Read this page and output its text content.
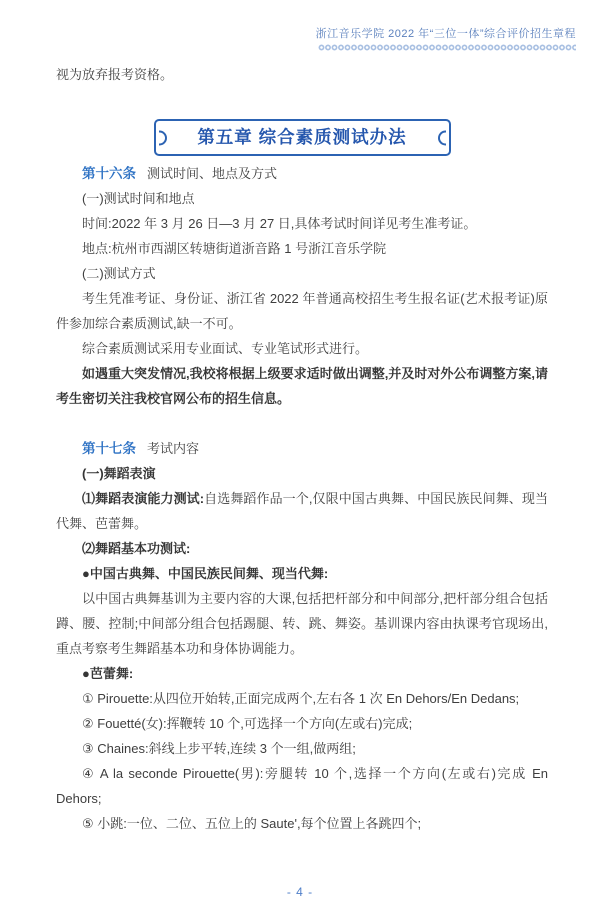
浙江音乐学院 2022 年“三位一体”综合评价招生章程

视为放弃报考资格。

第五章 综合素质测试办法

第十六条 测试时间、地点及方式

(一)测试时间和地点

时间:2022 年 3 月 26 日—3 月 27 日,具体考试时间详见考生准考证。

地点:杭州市西湖区转塘街道浙音路 1 号浙江音乐学院

(二)测试方式

考生凭准考证、身份证、浙江省 2022 年普通高校招生考生报名证(艺术报考证)原件参加综合素质测试,缺一不可。

综合素质测试采用专业面试、专业笔试形式进行。

如遇重大突发情况,我校将根据上级要求适时做出调整,并及时对外公布调整方案,请考生密切关注我校官网公布的招生信息。

第十七条 考试内容

(一)舞蹈表演

⑴舞蹈表演能力测试:自选舞蹈作品一个,仅限中国古典舞、中国民族民间舞、现当代舞、芭蕾舞。

⑵舞蹈基本功测试:

●中国古典舞、中国民族民间舞、现当代舞:

以中国古典舞基训为主要内容的大课,包括把杆部分和中间部分,把杆部分组合包括蹲、腰、控制;中间部分组合包括踢腿、转、跳、舞姿。基训课内容由执课考官现场出,重点考察考生舞蹈基本功和身体协调能力。

●芭蕾舞:

① Pirouette:从四位开始转,正面完成两个,左右各 1 次 En Dehors/En Dedans;

② Fouetté(女):挥鞭转 10 个,可选择一个方向(左或右)完成;

③ Chaines:斜线上步平转,连续 3 个一组,做两组;

④ A la seconde Pirouette(男):旁腿转 10 个,选择一个方向(左或右)完成 En Dehors;

⑤ 小跳:一位、二位、五位上的 Saute',每个位置上各跳四个;

- 4 -
